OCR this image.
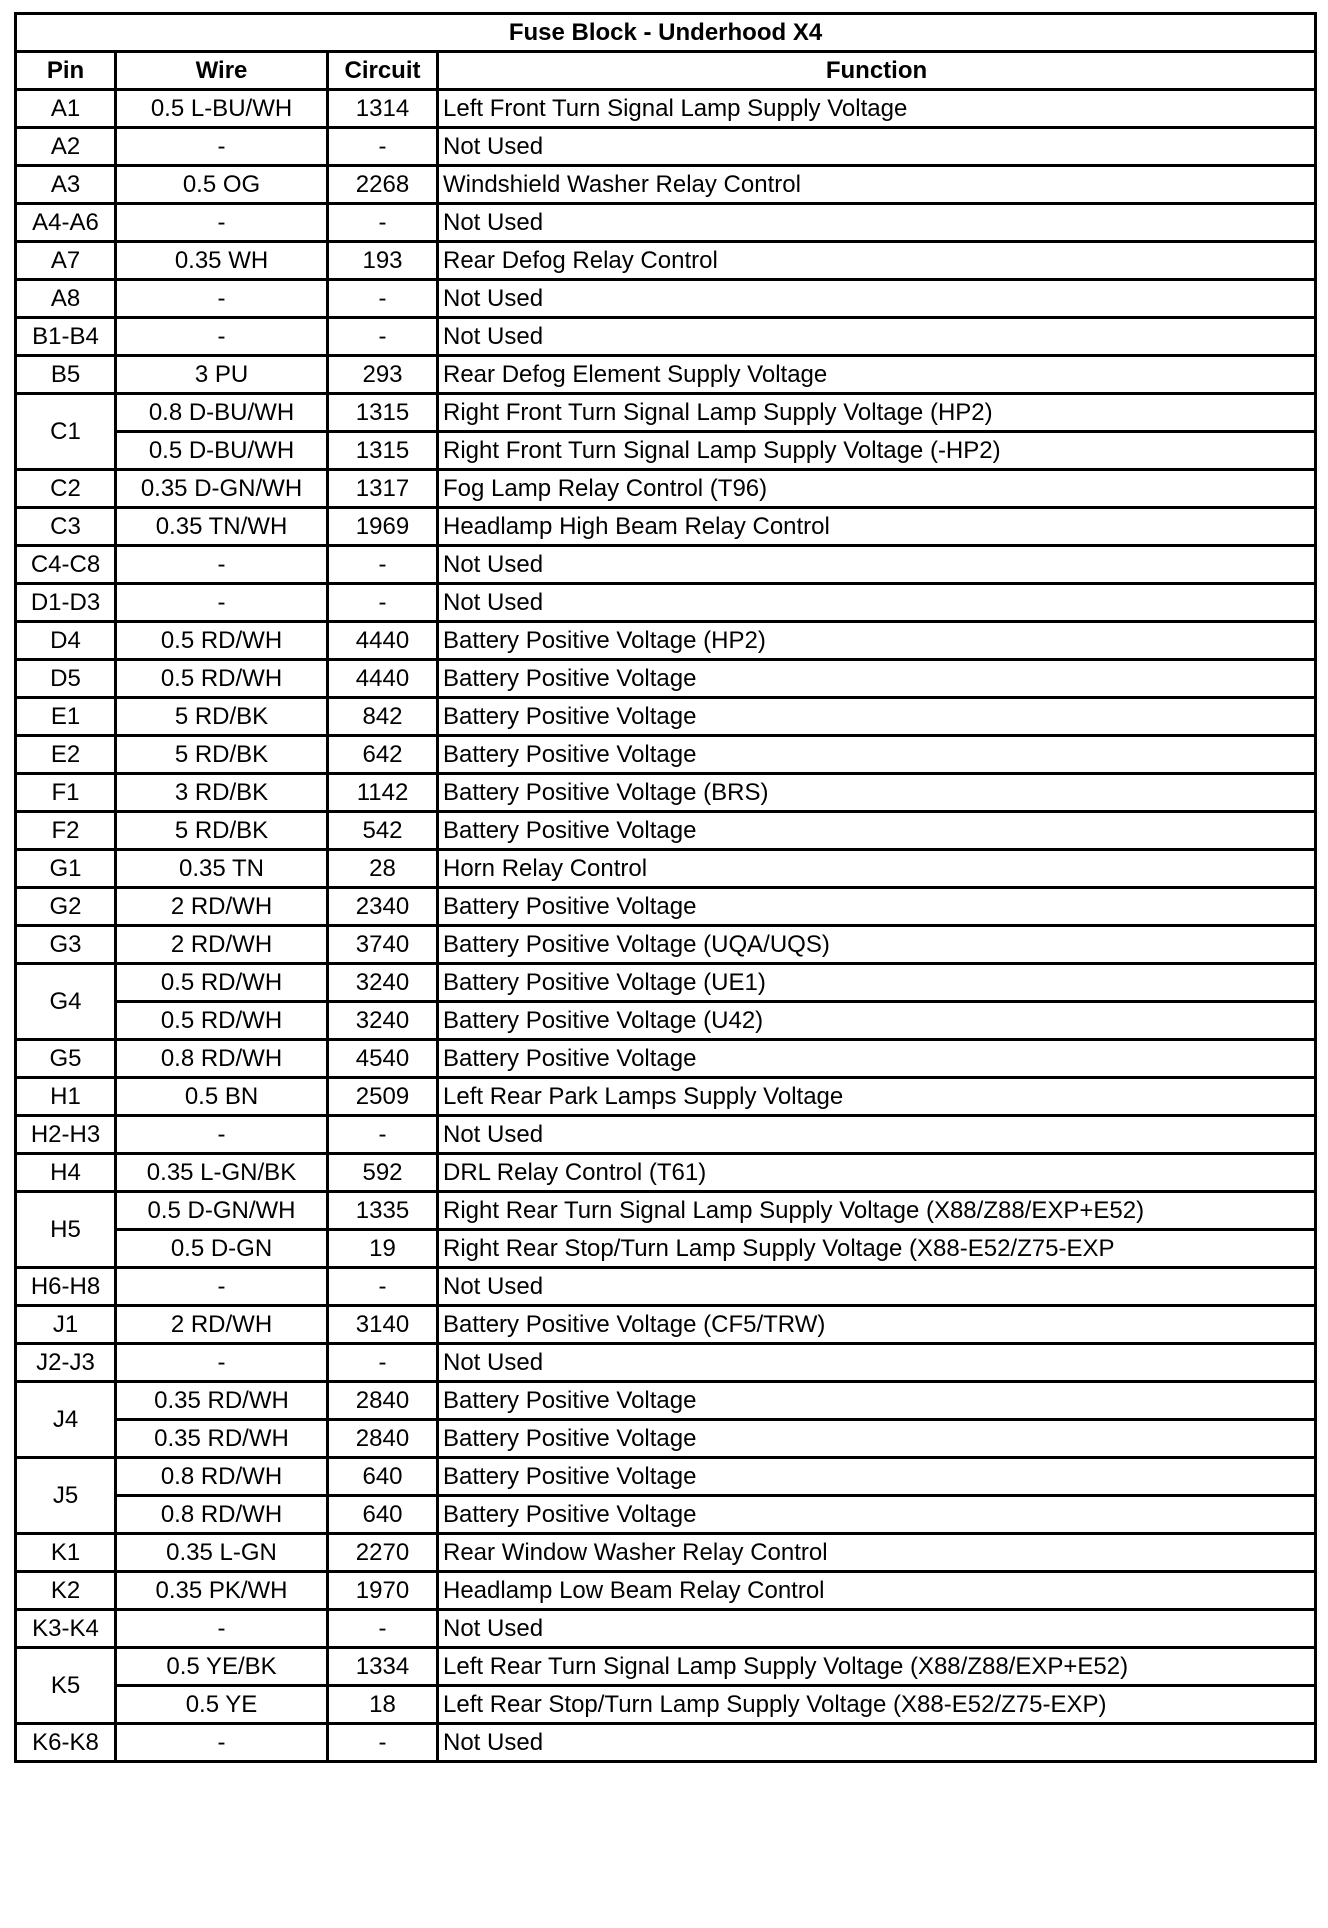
Fuse Block - Underhood X4			
Pin	Wire	Circuit	Function
A1	0.5 L-BU/WH	1314	Left Front Turn Signal Lamp Supply Voltage
A2	-	-	Not Used
A3	0.5 OG	2268	Windshield Washer Relay Control
A4-A6	-	-	Not Used
A7	0.35 WH	193	Rear Defog Relay Control
A8	-	-	Not Used
B1-B4	-	-	Not Used
B5	3 PU	293	Rear Defog Element Supply Voltage
C1	0.8 D-BU/WH	1315	Right Front Turn Signal Lamp Supply Voltage (HP2)
	0.5 D-BU/WH	1315	Right Front Turn Signal Lamp Supply Voltage (-HP2)
C2	0.35 D-GN/WH	1317	Fog Lamp Relay Control (T96)
C3	0.35 TN/WH	1969	Headlamp High Beam Relay Control
C4-C8	-	-	Not Used
D1-D3	-	-	Not Used
D4	0.5 RD/WH	4440	Battery Positive Voltage (HP2)
D5	0.5 RD/WH	4440	Battery Positive Voltage
E1	5 RD/BK	842	Battery Positive Voltage
E2	5 RD/BK	642	Battery Positive Voltage
F1	3 RD/BK	1142	Battery Positive Voltage (BRS)
F2	5 RD/BK	542	Battery Positive Voltage
G1	0.35 TN	28	Horn Relay Control
G2	2 RD/WH	2340	Battery Positive Voltage
G3	2 RD/WH	3740	Battery Positive Voltage (UQA/UQS)
G4	0.5 RD/WH	3240	Battery Positive Voltage (UE1)
	0.5 RD/WH	3240	Battery Positive Voltage (U42)
G5	0.8 RD/WH	4540	Battery Positive Voltage
H1	0.5 BN	2509	Left Rear Park Lamps Supply Voltage
H2-H3	-	-	Not Used
H4	0.35 L-GN/BK	592	DRL Relay Control (T61)
H5	0.5 D-GN/WH	1335	Right Rear Turn Signal Lamp Supply Voltage (X88/Z88/EXP+E52)
	0.5 D-GN	19	Right Rear Stop/Turn Lamp Supply Voltage (X88-E52/Z75-EXP
H6-H8	-	-	Not Used
J1	2 RD/WH	3140	Battery Positive Voltage (CF5/TRW)
J2-J3	-	-	Not Used
J4	0.35 RD/WH	2840	Battery Positive Voltage
	0.35 RD/WH	2840	Battery Positive Voltage
J5	0.8 RD/WH	640	Battery Positive Voltage
	0.8 RD/WH	640	Battery Positive Voltage
K1	0.35 L-GN	2270	Rear Window Washer Relay Control
K2	0.35 PK/WH	1970	Headlamp Low Beam Relay Control
K3-K4	-	-	Not Used
K5	0.5 YE/BK	1334	Left Rear Turn Signal Lamp Supply Voltage (X88/Z88/EXP+E52)
	0.5 YE	18	Left Rear Stop/Turn Lamp Supply Voltage (X88-E52/Z75-EXP)
K6-K8	-	-	Not Used
